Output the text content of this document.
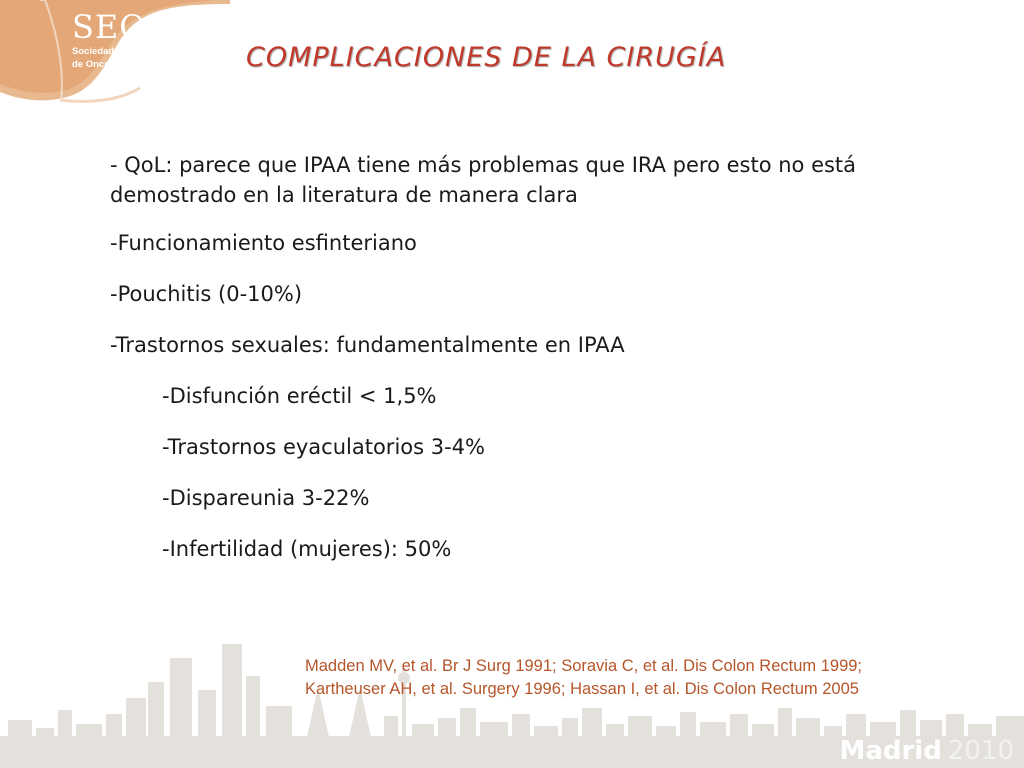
SEOM
Sociedad Española
de Oncología Médica	COMPLICACIONES DE LA CIRUGÍA
- QoL: parece que IPAA tiene más problemas que IRA pero esto no está demostrado en la literatura de manera clara
-Funcionamiento esfinteriano
-Pouchitis (0-10%)
-Trastornos sexuales: fundamentalmente en IPAA
-Disfunción eréctil < 1,5%
-Trastornos eyaculatorios 3-4%
-Dispareunia 3-22%
-Infertilidad (mujeres): 50%
Madden MV, et al. Br J Surg 1991; Soravia C, et al. Dis Colon Rectum 1999;
Kartheuser AH, et al. Surgery 1996; Hassan I, et al. Dis Colon Rectum 2005
Madrid 2010
